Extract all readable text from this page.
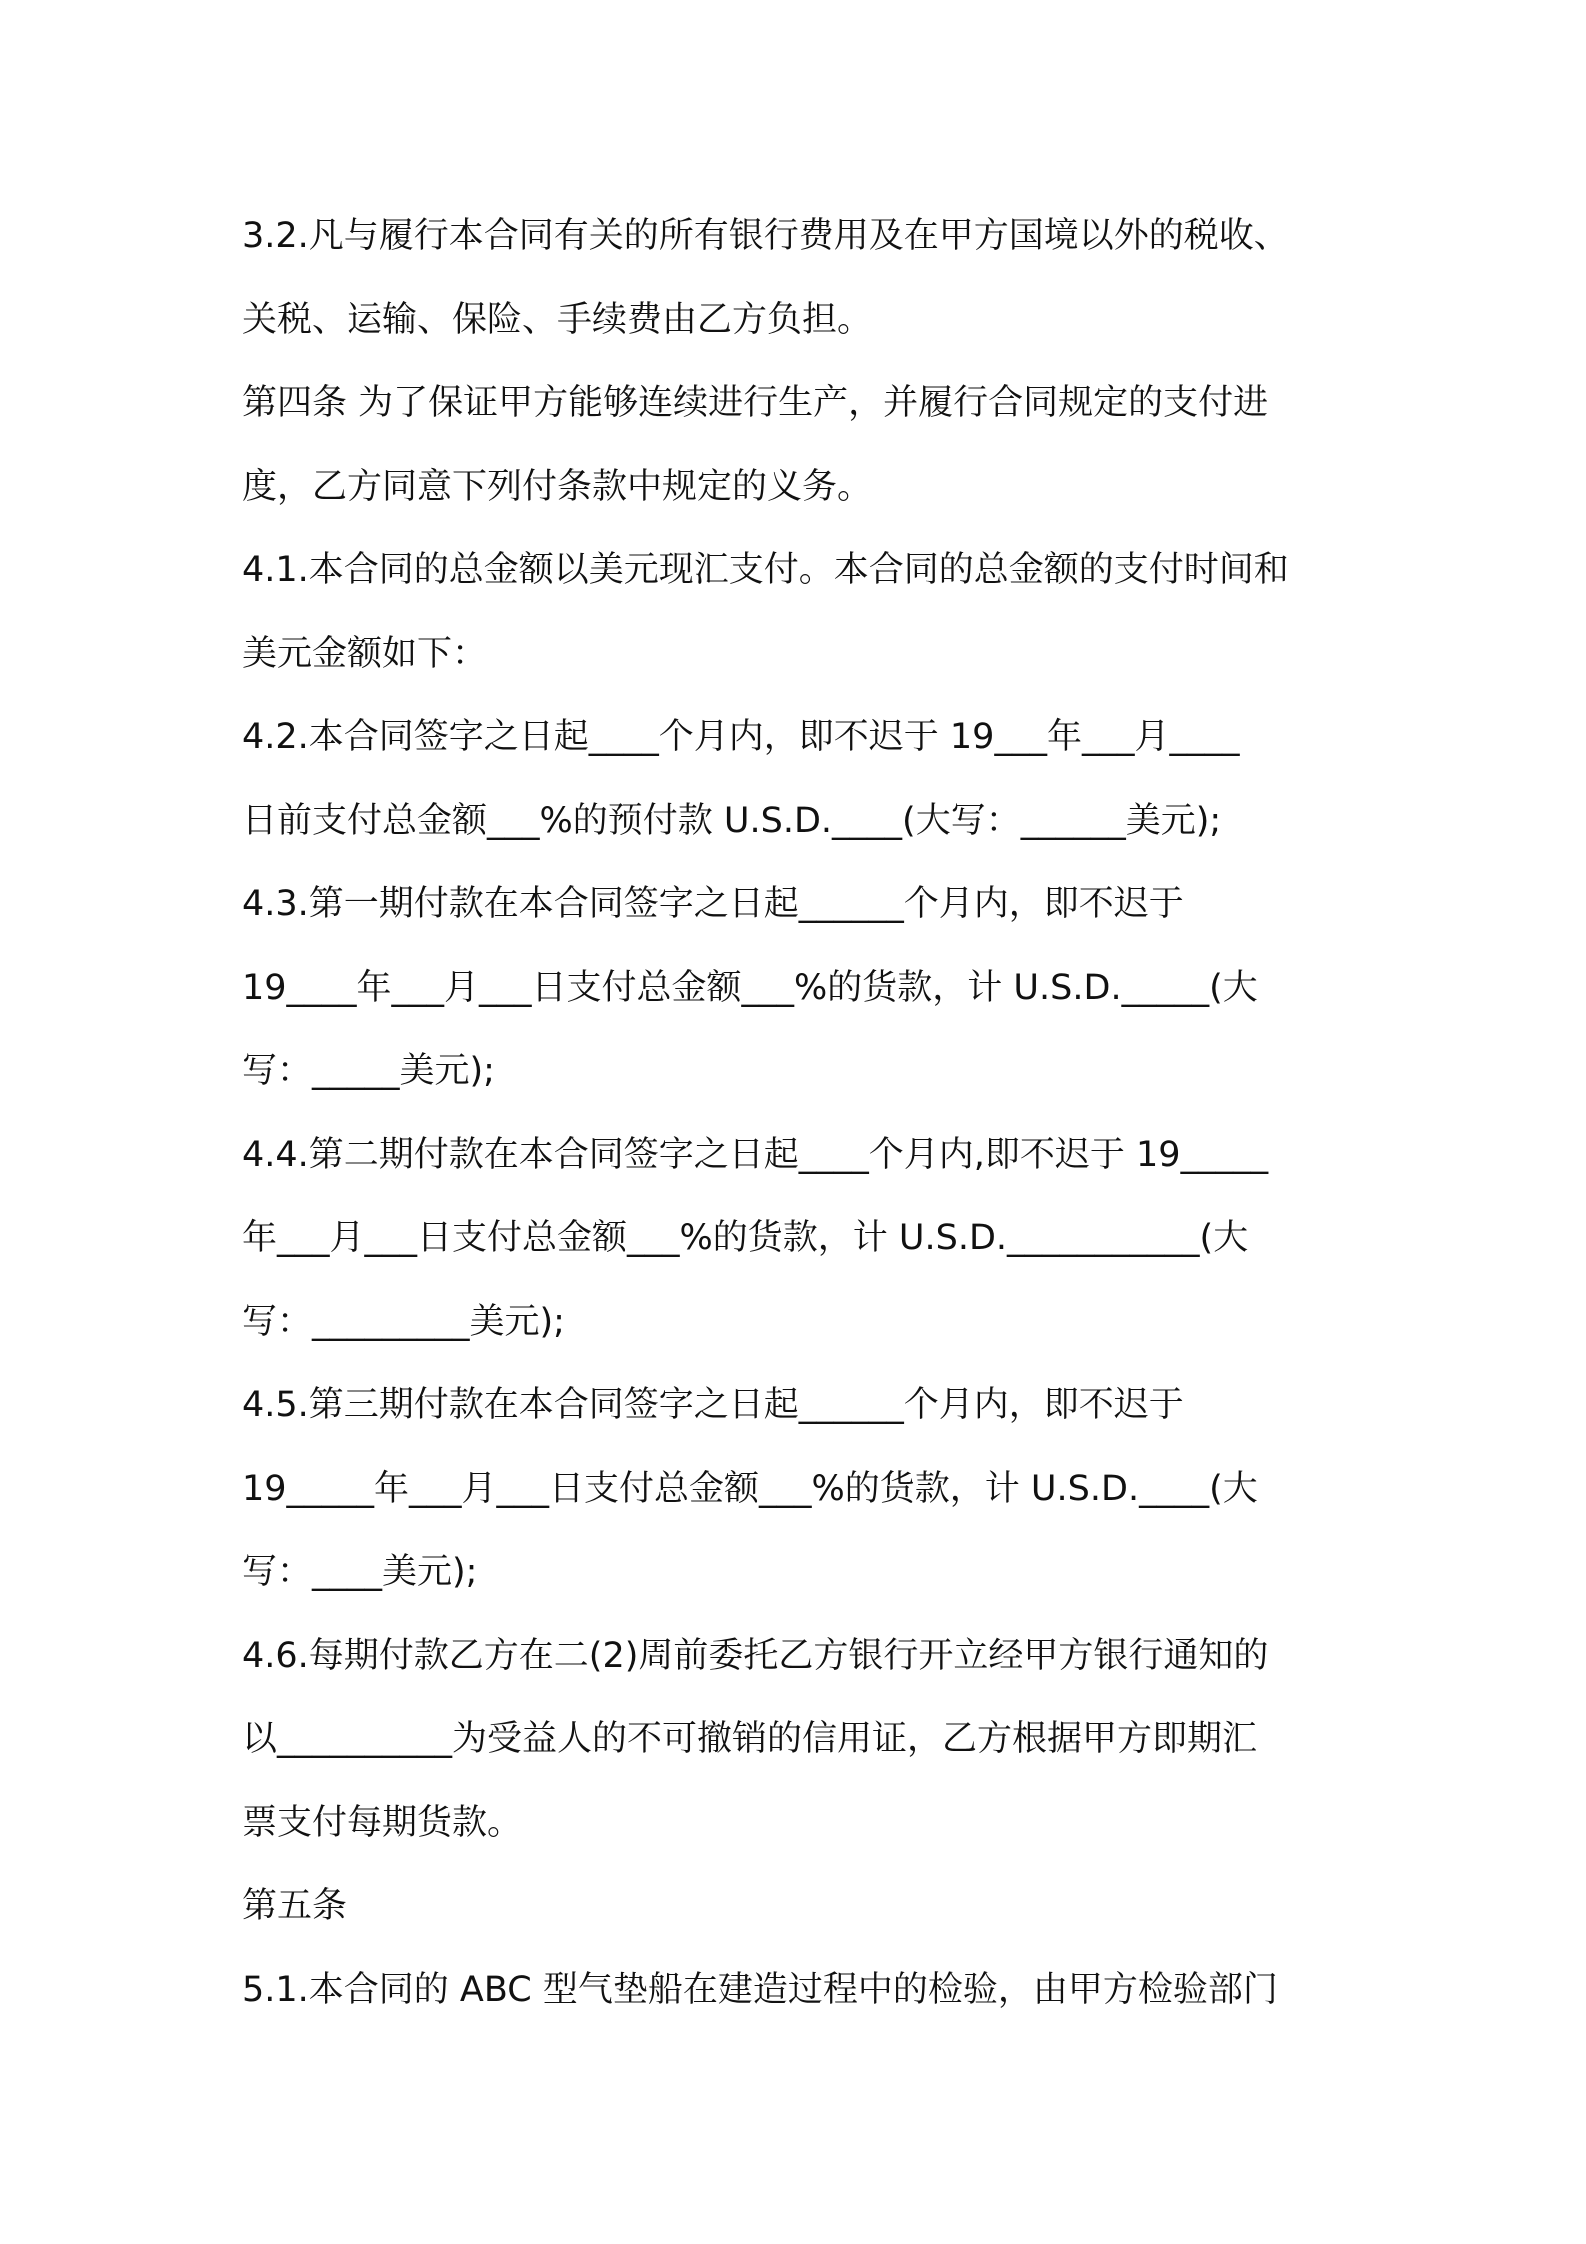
3.2.凡与履行本合同有关的所有银行费用及在甲方国境以外的税收、
关税、运输、保险、手续费由乙方负担。
第四条 为了保证甲方能够连续进行生产，并履行合同规定的支付进
度，乙方同意下列付条款中规定的义务。
4.1.本合同的总金额以美元现汇支付。本合同的总金额的支付时间和
美元金额如下：
4.2.本合同签字之日起____个月内，即不迟于 19___年___月____
日前支付总金额___%的预付款 U.S.D.____(大写：______美元);
4.3.第一期付款在本合同签字之日起______个月内，即不迟于
19____年___月___日支付总金额___%的货款，计 U.S.D._____(大
写：_____美元);
4.4.第二期付款在本合同签字之日起____个月内,即不迟于 19_____
年___月___日支付总金额___%的货款，计 U.S.D.___________(大
写：_________美元);
4.5.第三期付款在本合同签字之日起______个月内，即不迟于
19_____年___月___日支付总金额___%的货款，计 U.S.D.____(大
写：____美元);
4.6.每期付款乙方在二(2)周前委托乙方银行开立经甲方银行通知的
以__________为受益人的不可撤销的信用证，乙方根据甲方即期汇
票支付每期货款。
第五条
5.1.本合同的 ABC 型气垫船在建造过程中的检验，由甲方检验部门
